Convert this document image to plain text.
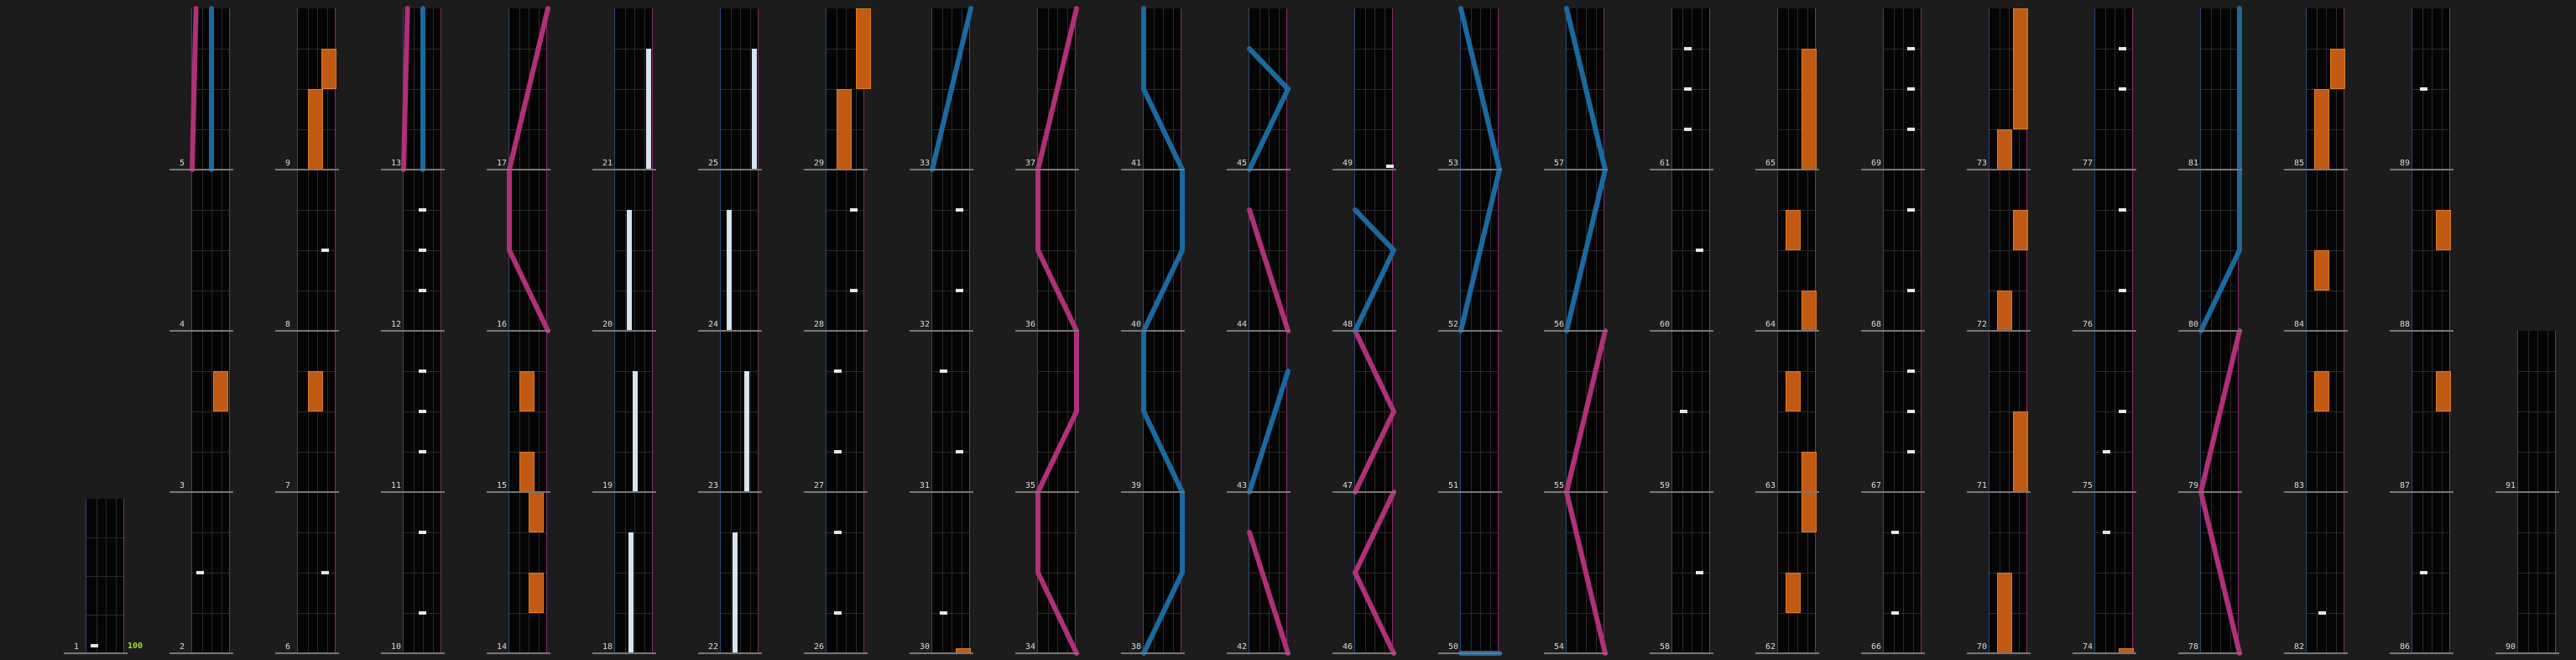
1	100	2
3
4
5
6
7
8
9
10
11
12
13
14
15
16
17
18
19
20
21
22
23
24
25
26
27
28
29
30
31
32
33
34
35
36
37
38
39
40
41
42
43
44
45
46
47
48
49
50
51
52
53
54
55
56
57
58
59
60
61
62
63
64
65
66
67
68
69
70
71
72
73
74
75
76
77
78
79
80
81
82
83
84
85
86
87
88
89
90
91
